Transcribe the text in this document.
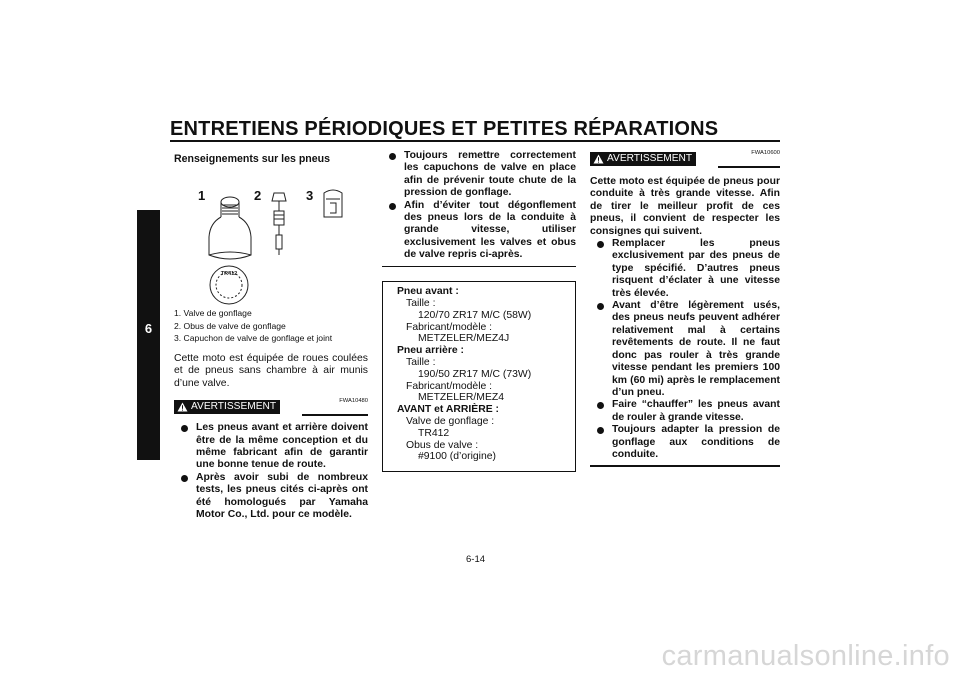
ENTRETIENS PÉRIODIQUES ET PETITES RÉPARATIONS
6
Renseignements sur les pneus
TR412
1	2	3
1. Valve de gonflage
2. Obus de valve de gonflage
3. Capuchon de valve de gonflage et joint
Cette moto est équipée de roues coulées et de pneus sans chambre à air munis d’une valve.
AVERTISSEMENT	FWA10480
Les pneus avant et arrière doivent être de la même conception et du même fabricant afin de garantir une bonne tenue de route.
Après avoir subi de nombreux tests, les pneus cités ci-après ont été homologués par Yamaha Motor Co., Ltd. pour ce modèle.
Toujours remettre correctement les capuchons de valve en place afin de prévenir toute chute de la pression de gonflage.
Afin d’éviter tout dégonflement des pneus lors de la conduite à grande vitesse, utiliser exclusivement les valves et obus de valve repris ci-après.
Pneu avant :
Taille :
120/70 ZR17 M/C (58W)
Fabricant/modèle :
METZELER/MEZ4J
Pneu arrière :
Taille :
190/50 ZR17 M/C (73W)
Fabricant/modèle :
METZELER/MEZ4
AVANT et ARRIÈRE :
Valve de gonflage :
TR412
Obus de valve :
#9100 (d’origine)
AVERTISSEMENT	FWA10600
Cette moto est équipée de pneus pour conduite à très grande vitesse. Afin de tirer le meilleur profit de ces pneus, il convient de respecter les consignes qui suivent.
Remplacer les pneus exclusivement par des pneus de type spécifié. D’autres pneus risquent d’éclater à une vitesse très élevée.
Avant d’être légèrement usés, des pneus neufs peuvent adhérer relativement mal à certains revêtements de route. Il ne faut donc pas rouler à très grande vitesse pendant les premiers 100 km (60 mi) après le remplacement d’un pneu.
Faire “chauffer” les pneus avant de rouler à grande vitesse.
Toujours adapter la pression de gonflage aux conditions de conduite.
6-14
carmanualsonline.info
